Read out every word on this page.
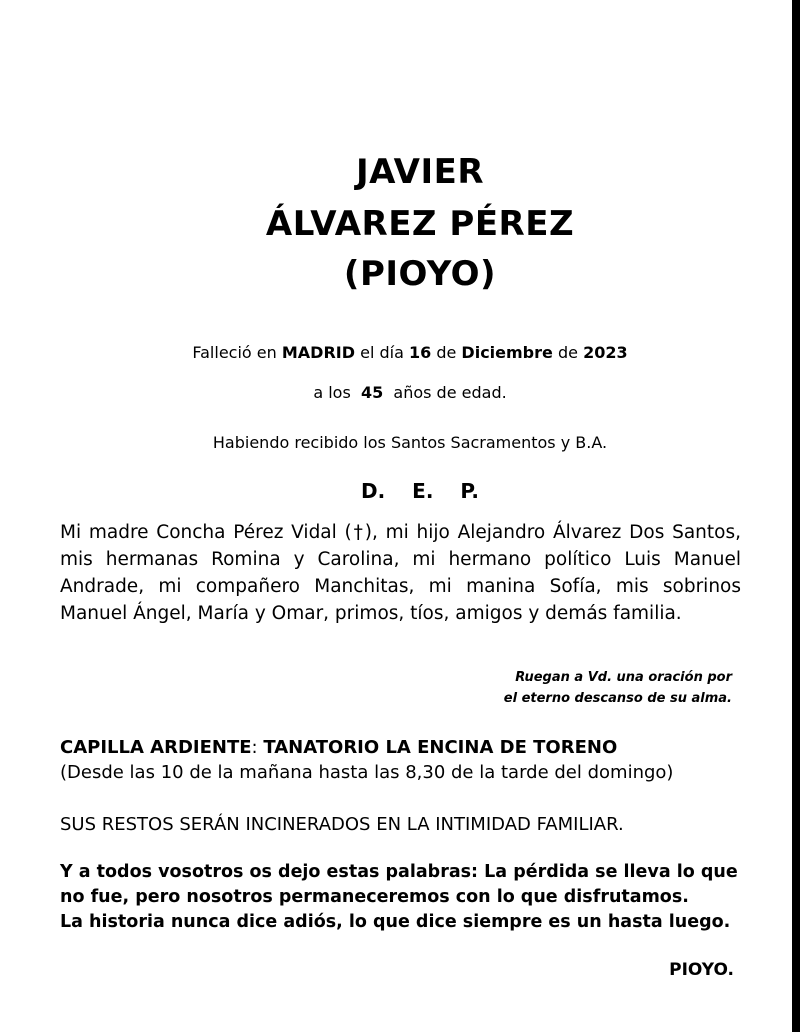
JAVIER
ÁLVAREZ PÉREZ
(PIOYO)
Falleció en MADRID el día 16 de Diciembre de 2023
a los 45 años de edad.
Habiendo recibido los Santos Sacramentos y B.A.
D. E. P.
Mi madre Concha Pérez Vidal (†), mi hijo Alejandro Álvarez Dos Santos, mis hermanas Romina y Carolina, mi hermano político Luis Manuel Andrade, mi compañero Manchitas, mi manina Sofía, mis sobrinos Manuel Ángel, María y Omar, primos, tíos, amigos y demás familia.
Ruegan a Vd. una oración por
el eterno descanso de su alma.
CAPILLA ARDIENTE: TANATORIO LA ENCINA DE TORENO
(Desde las 10 de la mañana hasta las 8,30 de la tarde del domingo)
SUS RESTOS SERÁN INCINERADOS EN LA INTIMIDAD FAMILIAR.
Y a todos vosotros os dejo estas palabras: La pérdida se lleva lo que
no fue, pero nosotros permaneceremos con lo que disfrutamos.
La historia nunca dice adiós, lo que dice siempre es un hasta luego.
PIOYO.
